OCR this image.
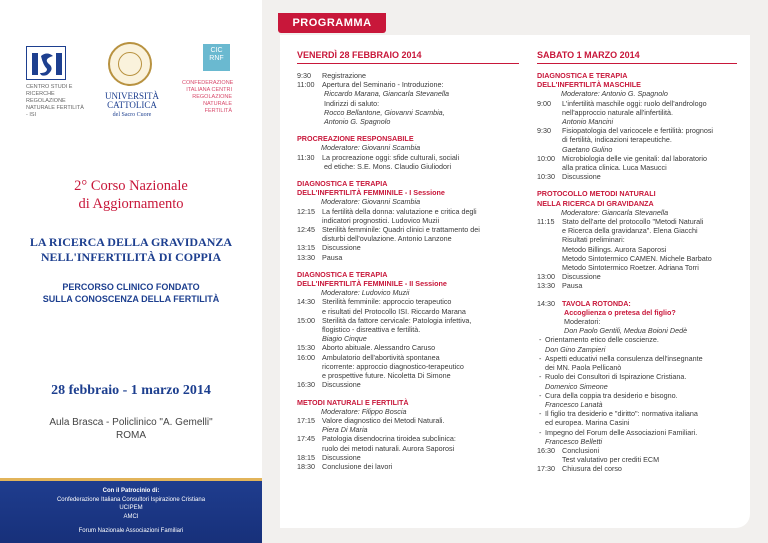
CENTRO STUDI E RICERCHE REGOLAZIONE NATURALE FERTILITÀ - ISI
UNIVERSITÀ CATTOLICA
del Sacro Cuore
CIC RNF
CONFEDERAZIONE ITALIANA CENTRI REGOLAZIONE NATURALE FERTILITÀ
2° Corso Nazionale
di Aggiornamento
LA RICERCA DELLA GRAVIDANZA
NELL'INFERTILITÀ DI COPPIA
PERCORSO CLINICO FONDATO
SULLA CONOSCENZA DELLA FERTILITÀ
28 febbraio - 1 marzo 2014
Aula Brasca - Policlinico "A. Gemelli"
ROMA
Con il Patrocinio di:
Confederazione Italiana Consultori Ispirazione Cristiana
UCIPEM
AMCI
Forum Nazionale Associazioni Familiari
PROGRAMMA
VENERDÌ 28 FEBBRAIO 2014	SABATO 1 MARZO 2014
9:30	Registrazione
11:00	Apertura del Seminario - Introduzione:
Riccardo Marana, Giancarla Stevanella
Indirizzi di saluto:
Rocco Bellantone, Giovanni Scambia,
Antonio G. Spagnolo
PROCREAZIONE RESPONSABILE
Moderatore: Giovanni Scambia
11:30	La procreazione oggi: sfide culturali, sociali
ed etiche: S.E. Mons. Claudio Giuliodori
DIAGNOSTICA E TERAPIA
DELL'INFERTILITÀ FEMMINILE - I Sessione
Moderatore: Giovanni Scambia
12:15 La fertilità della donna: valutazione e critica degli
indicatori prognostici. Ludovico Muzii
12:45 Sterilità femminile: Quadri clinici e trattamento dei
disturbi dell'ovulazione. Antonio Lanzone
13:15 Discussione
13:30 Pausa
DIAGNOSTICA E TERAPIA
DELL'INFERTILITÀ FEMMINILE - II Sessione
Moderatore: Ludovico Muzii
14:30 Sterilità femminile: approccio terapeutico
e risultati del Protocollo ISI. Riccardo Marana
15:00 Sterilità da fattore cervicale: Patologia infettiva,
flogistico - disreattiva e fertilità.
Biagio Cinque
15:30 Aborto abituale. Alessandro Caruso
16:00 Ambulatorio dell'abortività spontanea
ricorrente: approccio diagnostico-terapeutico
e prospettive future. Nicoletta Di Simone
16:30 Discussione
METODI NATURALI E FERTILITÀ
Moderatore: Filippo Boscia
17:15 Valore diagnostico dei Metodi Naturali.
Piera Di Maria
17:45 Patologia disendocrina tiroidea subclinica:
ruolo dei metodi naturali. Aurora Saporosi
18:15 Discussione
18:30 Conclusione dei lavori
DIAGNOSTICA E TERAPIA
DELL'INFERTILITÀ MASCHILE
Moderatore: Antonio G. Spagnolo
9:00	L'infertilità maschile oggi: ruolo dell'andrologo
nell'approccio naturale all'infertilità.
Antonio Mancini
9:30	Fisiopatologia del varicocele e fertilità: prognosi
di fertilità, indicazioni terapeutiche.
Gaetano Gulino
10:00 Microbiologia delle vie genitali: dal laboratorio
alla pratica clinica. Luca Masucci
10:30 Discussione
PROTOCOLLO METODI NATURALI
NELLA RICERCA DI GRAVIDANZA
Moderatore: Giancarla Stevanella
11:15	Stato dell'arte del protocollo "Metodi Naturali
e Ricerca della gravidanza". Elena Giacchi
Risultati preliminari:
Metodo Billings. Aurora Saporosi
Metodo Sintotermico CAMEN. Michele Barbato
Metodo Sintotermico Roetzer. Adriana Torri
13:00 Discussione
13:30 Pausa
14:30 TAVOLA ROTONDA:
Accoglienza o pretesa del figlio?
Moderatori:
Don Paolo Gentili, Medua Boioni Dedè
- Orientamento etico delle coscienze.
Don Gino Zampieri
- Aspetti educativi nella consulenza dell'insegnante
dei MN. Paola Pellicanò
- Ruolo dei Consultori di Ispirazione Cristiana.
Domenico Simeone
- Cura della coppia tra desiderio e bisogno.
Francesco Lanatà
- Il figlio tra desiderio e "diritto": normativa italiana
ed europea. Marina Casini
- Impegno del Forum delle Associazioni Familiari.
Francesco Belletti
16:30 Conclusioni
Test valutativo per crediti ECM
17:30 Chiusura del corso
